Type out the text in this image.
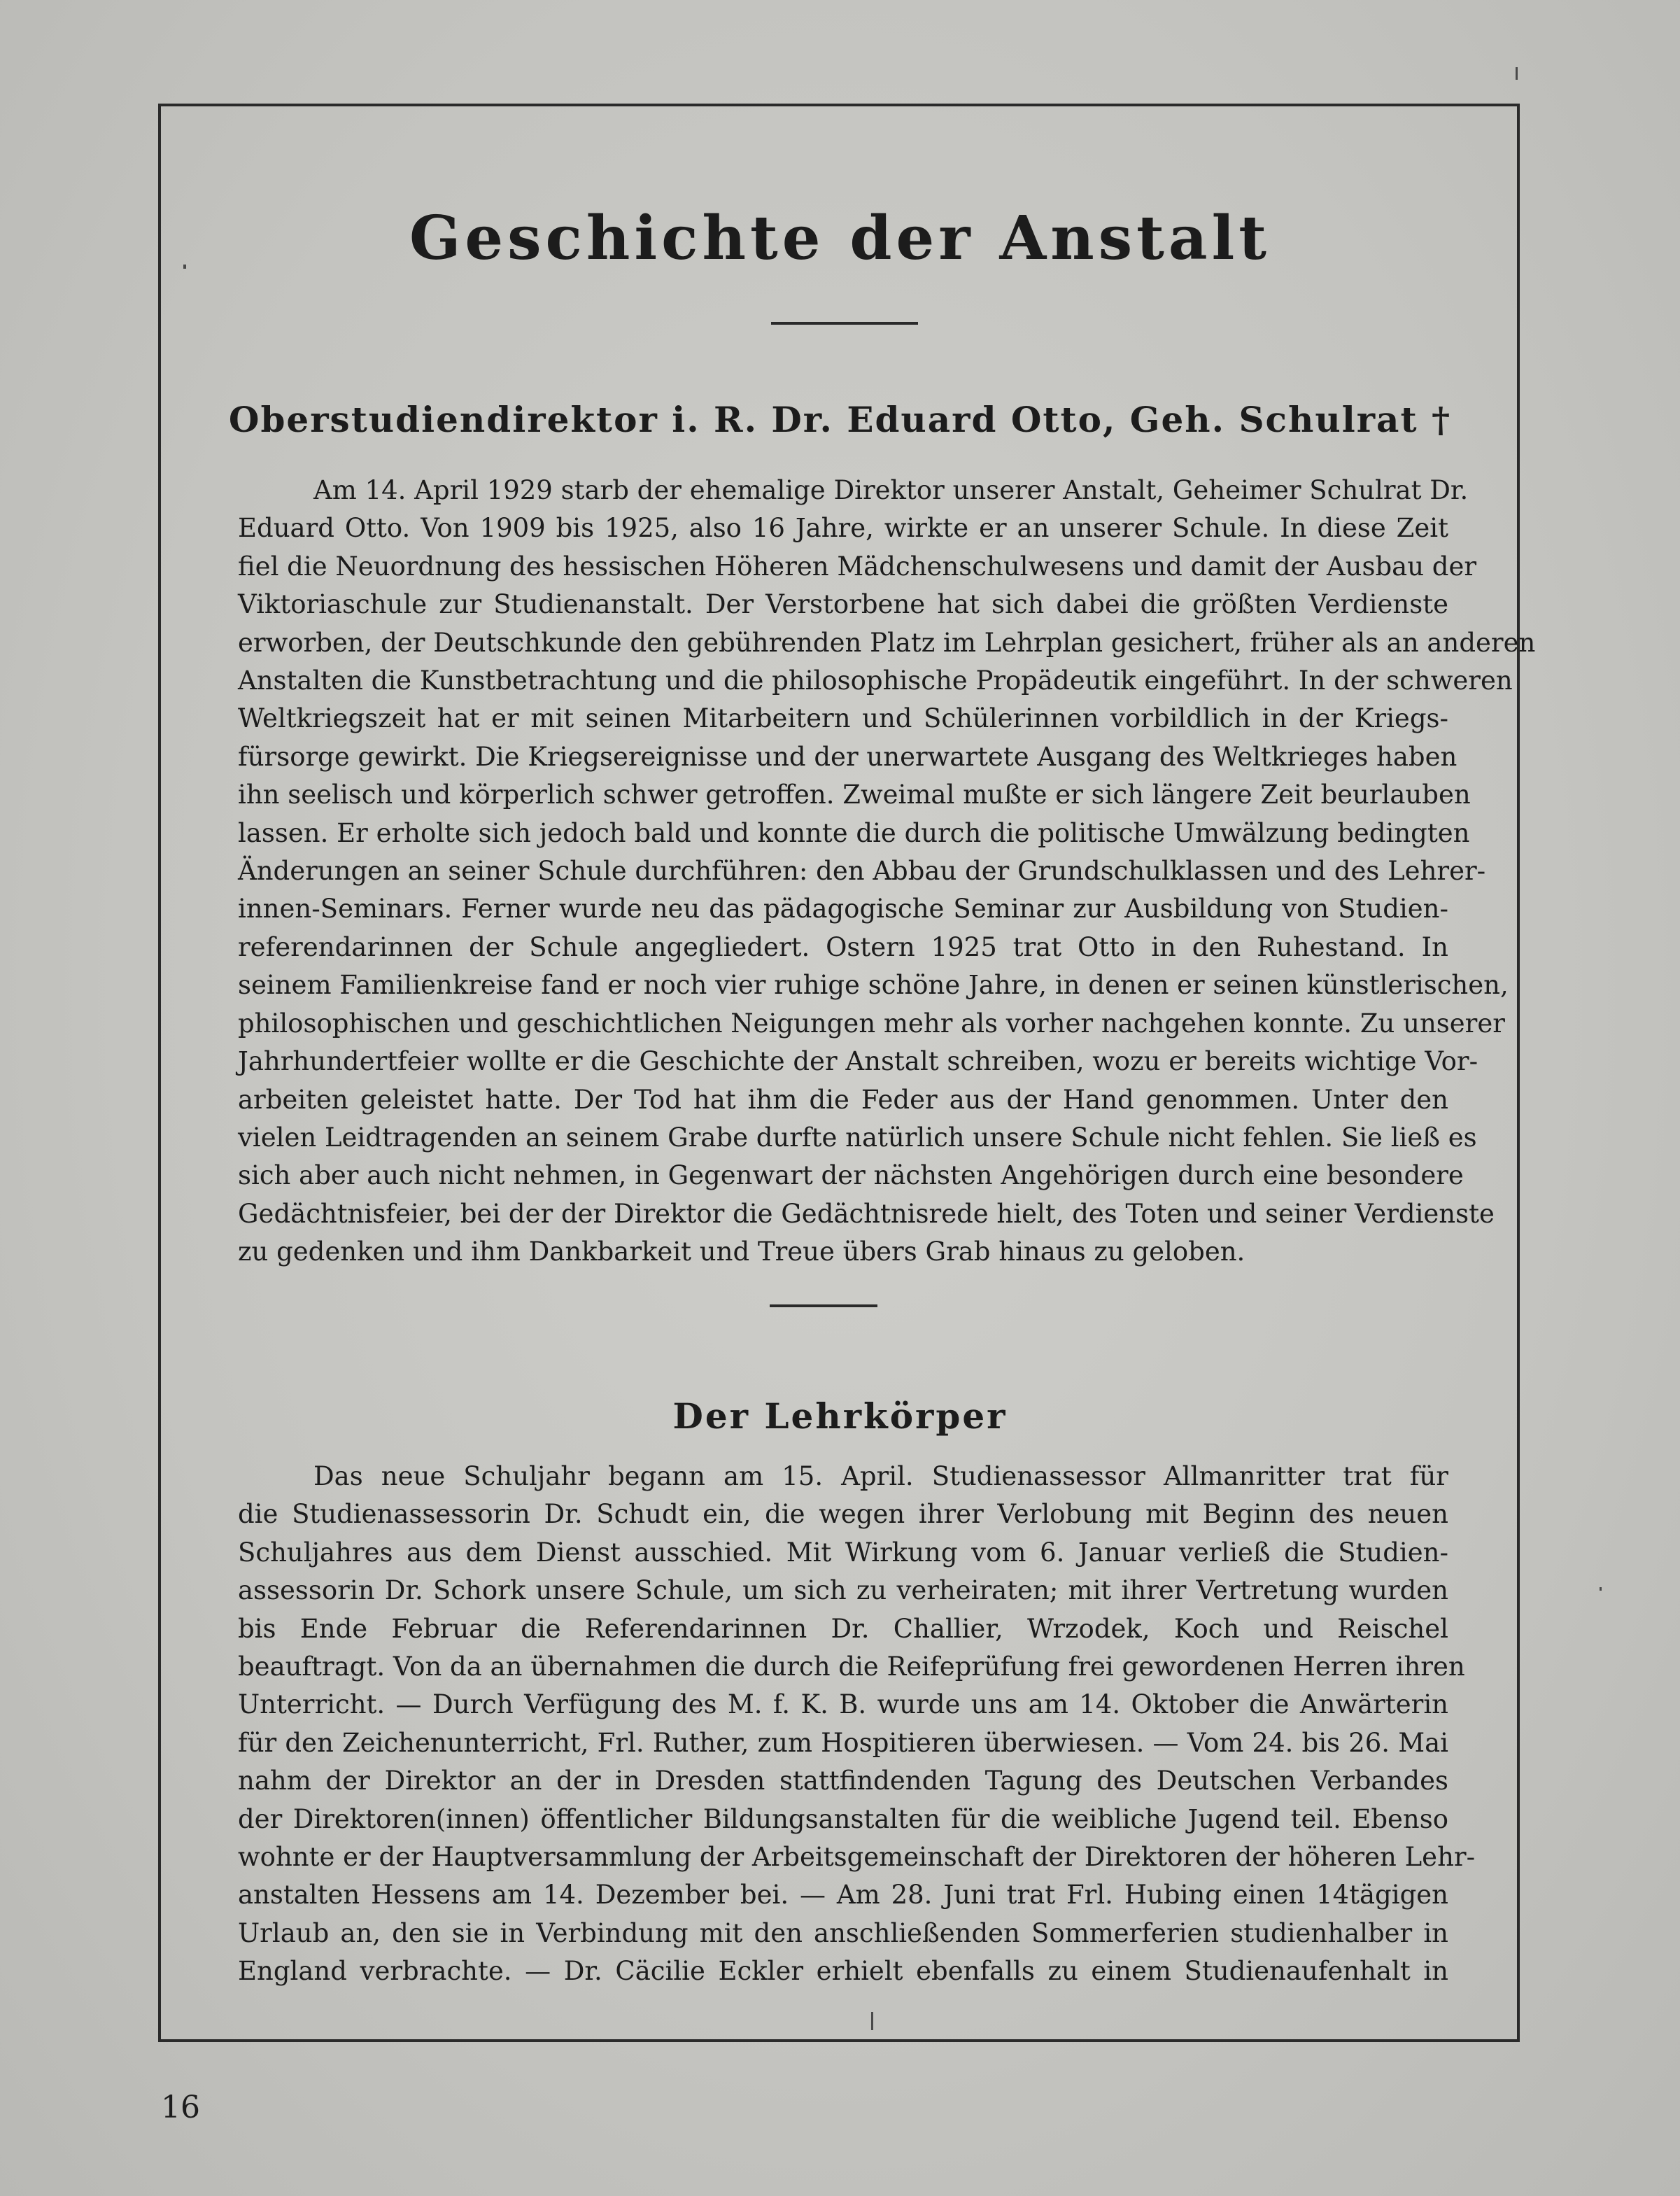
Geschichte der Anstalt
Oberstudiendirektor i. R. Dr. Eduard Otto, Geh. Schulrat †

Am 14. April 1929 starb der ehemalige Direktor unserer Anstalt, Geheimer Schulrat Dr.
Eduard Otto. Von 1909 bis 1925, also 16 Jahre, wirkte er an unserer Schule. In diese Zeit
fiel die Neuordnung des hessischen Höheren Mädchenschulwesens und damit der Ausbau der
Viktoriaschule zur Studienanstalt. Der Verstorbene hat sich dabei die größten Verdienste
erworben, der Deutschkunde den gebührenden Platz im Lehrplan gesichert, früher als an anderen
Anstalten die Kunstbetrachtung und die philosophische Propädeutik eingeführt. In der schweren
Weltkriegszeit hat er mit seinen Mitarbeitern und Schülerinnen vorbildlich in der Kriegs-
fürsorge gewirkt. Die Kriegsereignisse und der unerwartete Ausgang des Weltkrieges haben
ihn seelisch und körperlich schwer getroffen. Zweimal mußte er sich längere Zeit beurlauben
lassen. Er erholte sich jedoch bald und konnte die durch die politische Umwälzung bedingten
Änderungen an seiner Schule durchführen: den Abbau der Grundschulklassen und des Lehrer-
innen-Seminars. Ferner wurde neu das pädagogische Seminar zur Ausbildung von Studien-
referendarinnen der Schule angegliedert. Ostern 1925 trat Otto in den Ruhestand. In
seinem Familienkreise fand er noch vier ruhige schöne Jahre, in denen er seinen künstlerischen,
philosophischen und geschichtlichen Neigungen mehr als vorher nachgehen konnte. Zu unserer
Jahrhundertfeier wollte er die Geschichte der Anstalt schreiben, wozu er bereits wichtige Vor-
arbeiten geleistet hatte. Der Tod hat ihm die Feder aus der Hand genommen. Unter den
vielen Leidtragenden an seinem Grabe durfte natürlich unsere Schule nicht fehlen. Sie ließ es
sich aber auch nicht nehmen, in Gegenwart der nächsten Angehörigen durch eine besondere
Gedächtnisfeier, bei der der Direktor die Gedächtnisrede hielt, des Toten und seiner Verdienste
zu gedenken und ihm Dankbarkeit und Treue übers Grab hinaus zu geloben.

Der Lehrkörper

Das neue Schuljahr begann am 15. April. Studienassessor Allmanritter trat für
die Studienassessorin Dr. Schudt ein, die wegen ihrer Verlobung mit Beginn des neuen
Schuljahres aus dem Dienst ausschied. Mit Wirkung vom 6. Januar verließ die Studien-
assessorin Dr. Schork unsere Schule, um sich zu verheiraten; mit ihrer Vertretung wurden
bis Ende Februar die Referendarinnen Dr. Challier, Wrzodek, Koch und Reischel
beauftragt. Von da an übernahmen die durch die Reifeprüfung frei gewordenen Herren ihren
Unterricht. — Durch Verfügung des M. f. K. B. wurde uns am 14. Oktober die Anwärterin
für den Zeichenunterricht, Frl. Ruther, zum Hospitieren überwiesen. — Vom 24. bis 26. Mai
nahm der Direktor an der in Dresden stattfindenden Tagung des Deutschen Verbandes
der Direktoren(innen) öffentlicher Bildungsanstalten für die weibliche Jugend teil. Ebenso
wohnte er der Hauptversammlung der Arbeitsgemeinschaft der Direktoren der höheren Lehr-
anstalten Hessens am 14. Dezember bei. — Am 28. Juni trat Frl. Hubing einen 14tägigen
Urlaub an, den sie in Verbindung mit den anschließenden Sommerferien studienhalber in
England verbrachte. — Dr. Cäcilie Eckler erhielt ebenfalls zu einem Studienaufenhalt in

16
